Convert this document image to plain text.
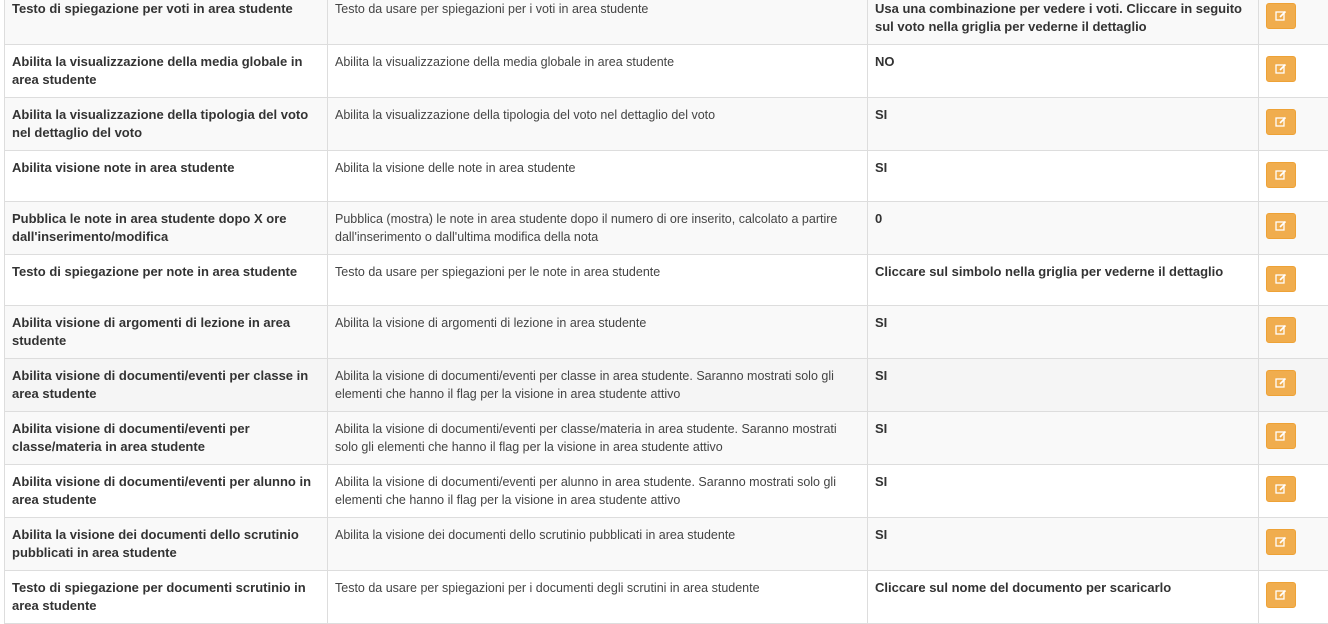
Testo di spiegazione per voti in area studente	Testo da usare per spiegazioni per i voti in area studente	Usa una combinazione per vedere i voti. Cliccare in seguito sul voto nella griglia per vederne il dettaglio	

Abilita la visualizzazione della media globale in area studente	Abilita la visualizzazione della media globale in area studente	NO	

Abilita la visualizzazione della tipologia del voto nel dettaglio del voto	Abilita la visualizzazione della tipologia del voto nel dettaglio del voto	SI	

Abilita visione note in area studente	Abilita la visione delle note in area studente	SI	

Pubblica le note in area studente dopo X ore dall'inserimento/modifica	Pubblica (mostra) le note in area studente dopo il numero di ore inserito, calcolato a partire dall'inserimento o dall'ultima modifica della nota	0	

Testo di spiegazione per note in area studente	Testo da usare per spiegazioni per le note in area studente	Cliccare sul simbolo nella griglia per vederne il dettaglio	

Abilita visione di argomenti di lezione in area studente	Abilita la visione di argomenti di lezione in area studente	SI	

Abilita visione di documenti/eventi per classe in area studente	Abilita la visione di documenti/eventi per classe in area studente. Saranno mostrati solo gli elementi che hanno il flag per la visione in area studente attivo	SI	

Abilita visione di documenti/eventi per classe/materia in area studente	Abilita la visione di documenti/eventi per classe/materia in area studente. Saranno mostrati solo gli elementi che hanno il flag per la visione in area studente attivo	SI	

Abilita visione di documenti/eventi per alunno in area studente	Abilita la visione di documenti/eventi per alunno in area studente. Saranno mostrati solo gli elementi che hanno il flag per la visione in area studente attivo	SI	

Abilita la visione dei documenti dello scrutinio pubblicati in area studente	Abilita la visione dei documenti dello scrutinio pubblicati in area studente	SI	

Testo di spiegazione per documenti scrutinio in area studente	Testo da usare per spiegazioni per i documenti degli scrutini in area studente	Cliccare sul nome del documento per scaricarlo	
